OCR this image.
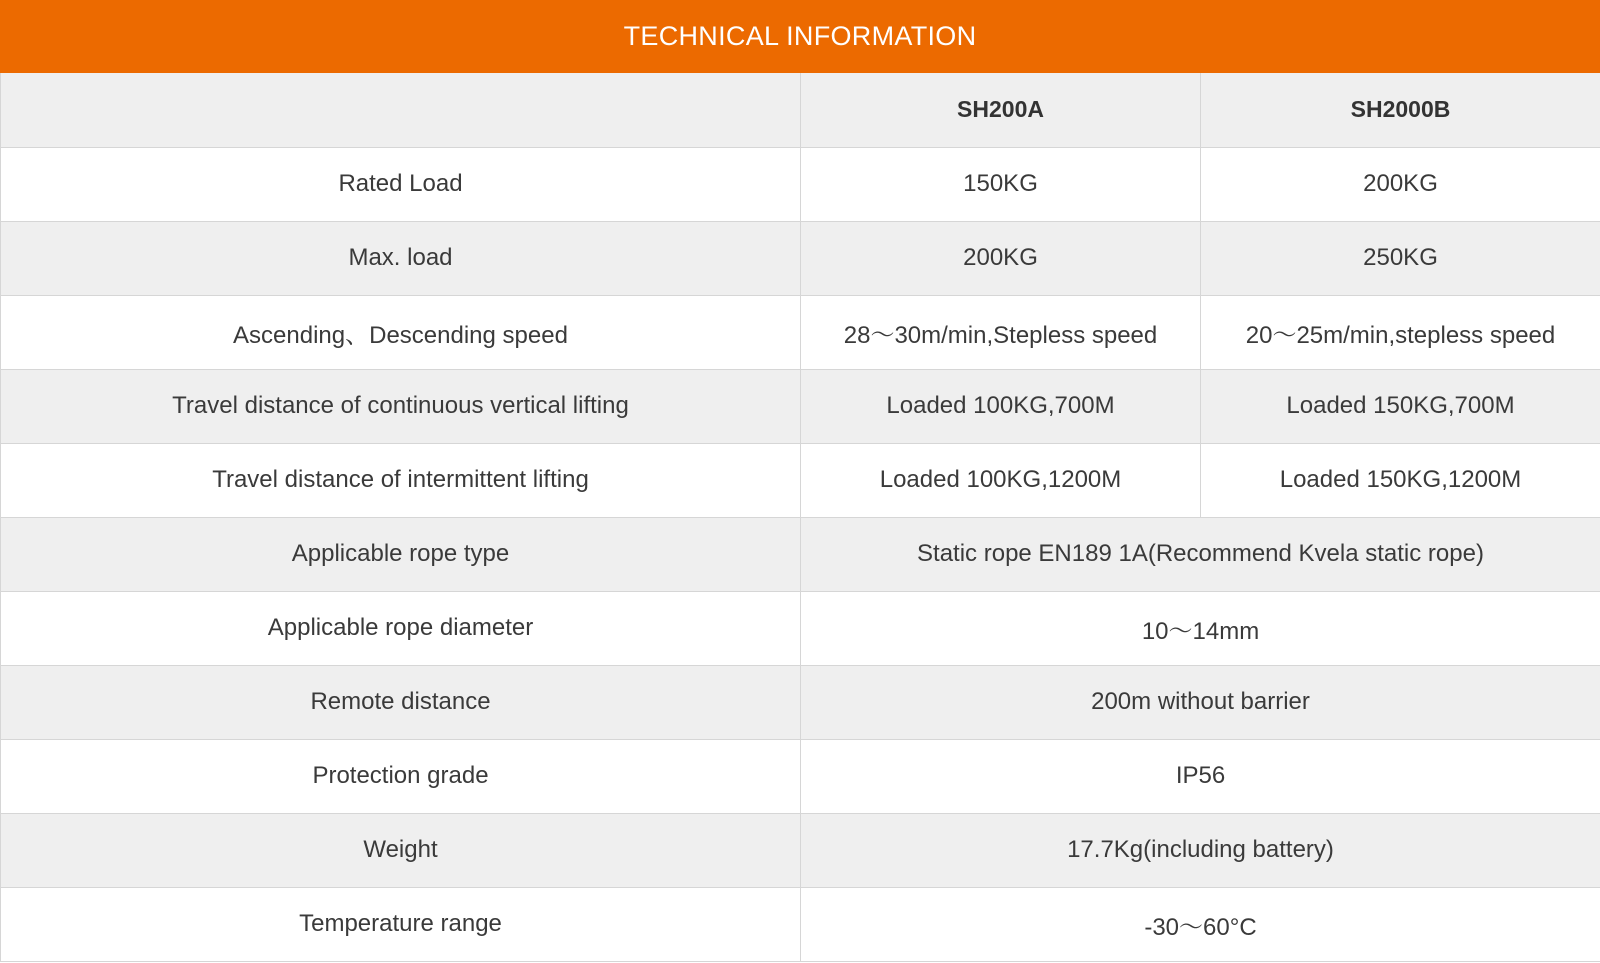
TECHNICAL INFORMATION
	SH200A	SH2000B
Rated Load	150KG	200KG
Max. load	200KG	250KG
Ascending、Descending speed	28～30m/min,Stepless speed	20～25m/min,stepless speed
Travel distance of continuous vertical lifting	Loaded 100KG,700M	Loaded 150KG,700M
Travel distance of intermittent lifting	Loaded 100KG,1200M	Loaded 150KG,1200M
Applicable rope type	Static rope EN189 1A(Recommend Kvela static rope)	
Applicable rope diameter	10～14mm	
Remote distance	200m without barrier	
Protection grade	IP56	
Weight	17.7Kg(including battery)	
Temperature range	-30～60°C	
